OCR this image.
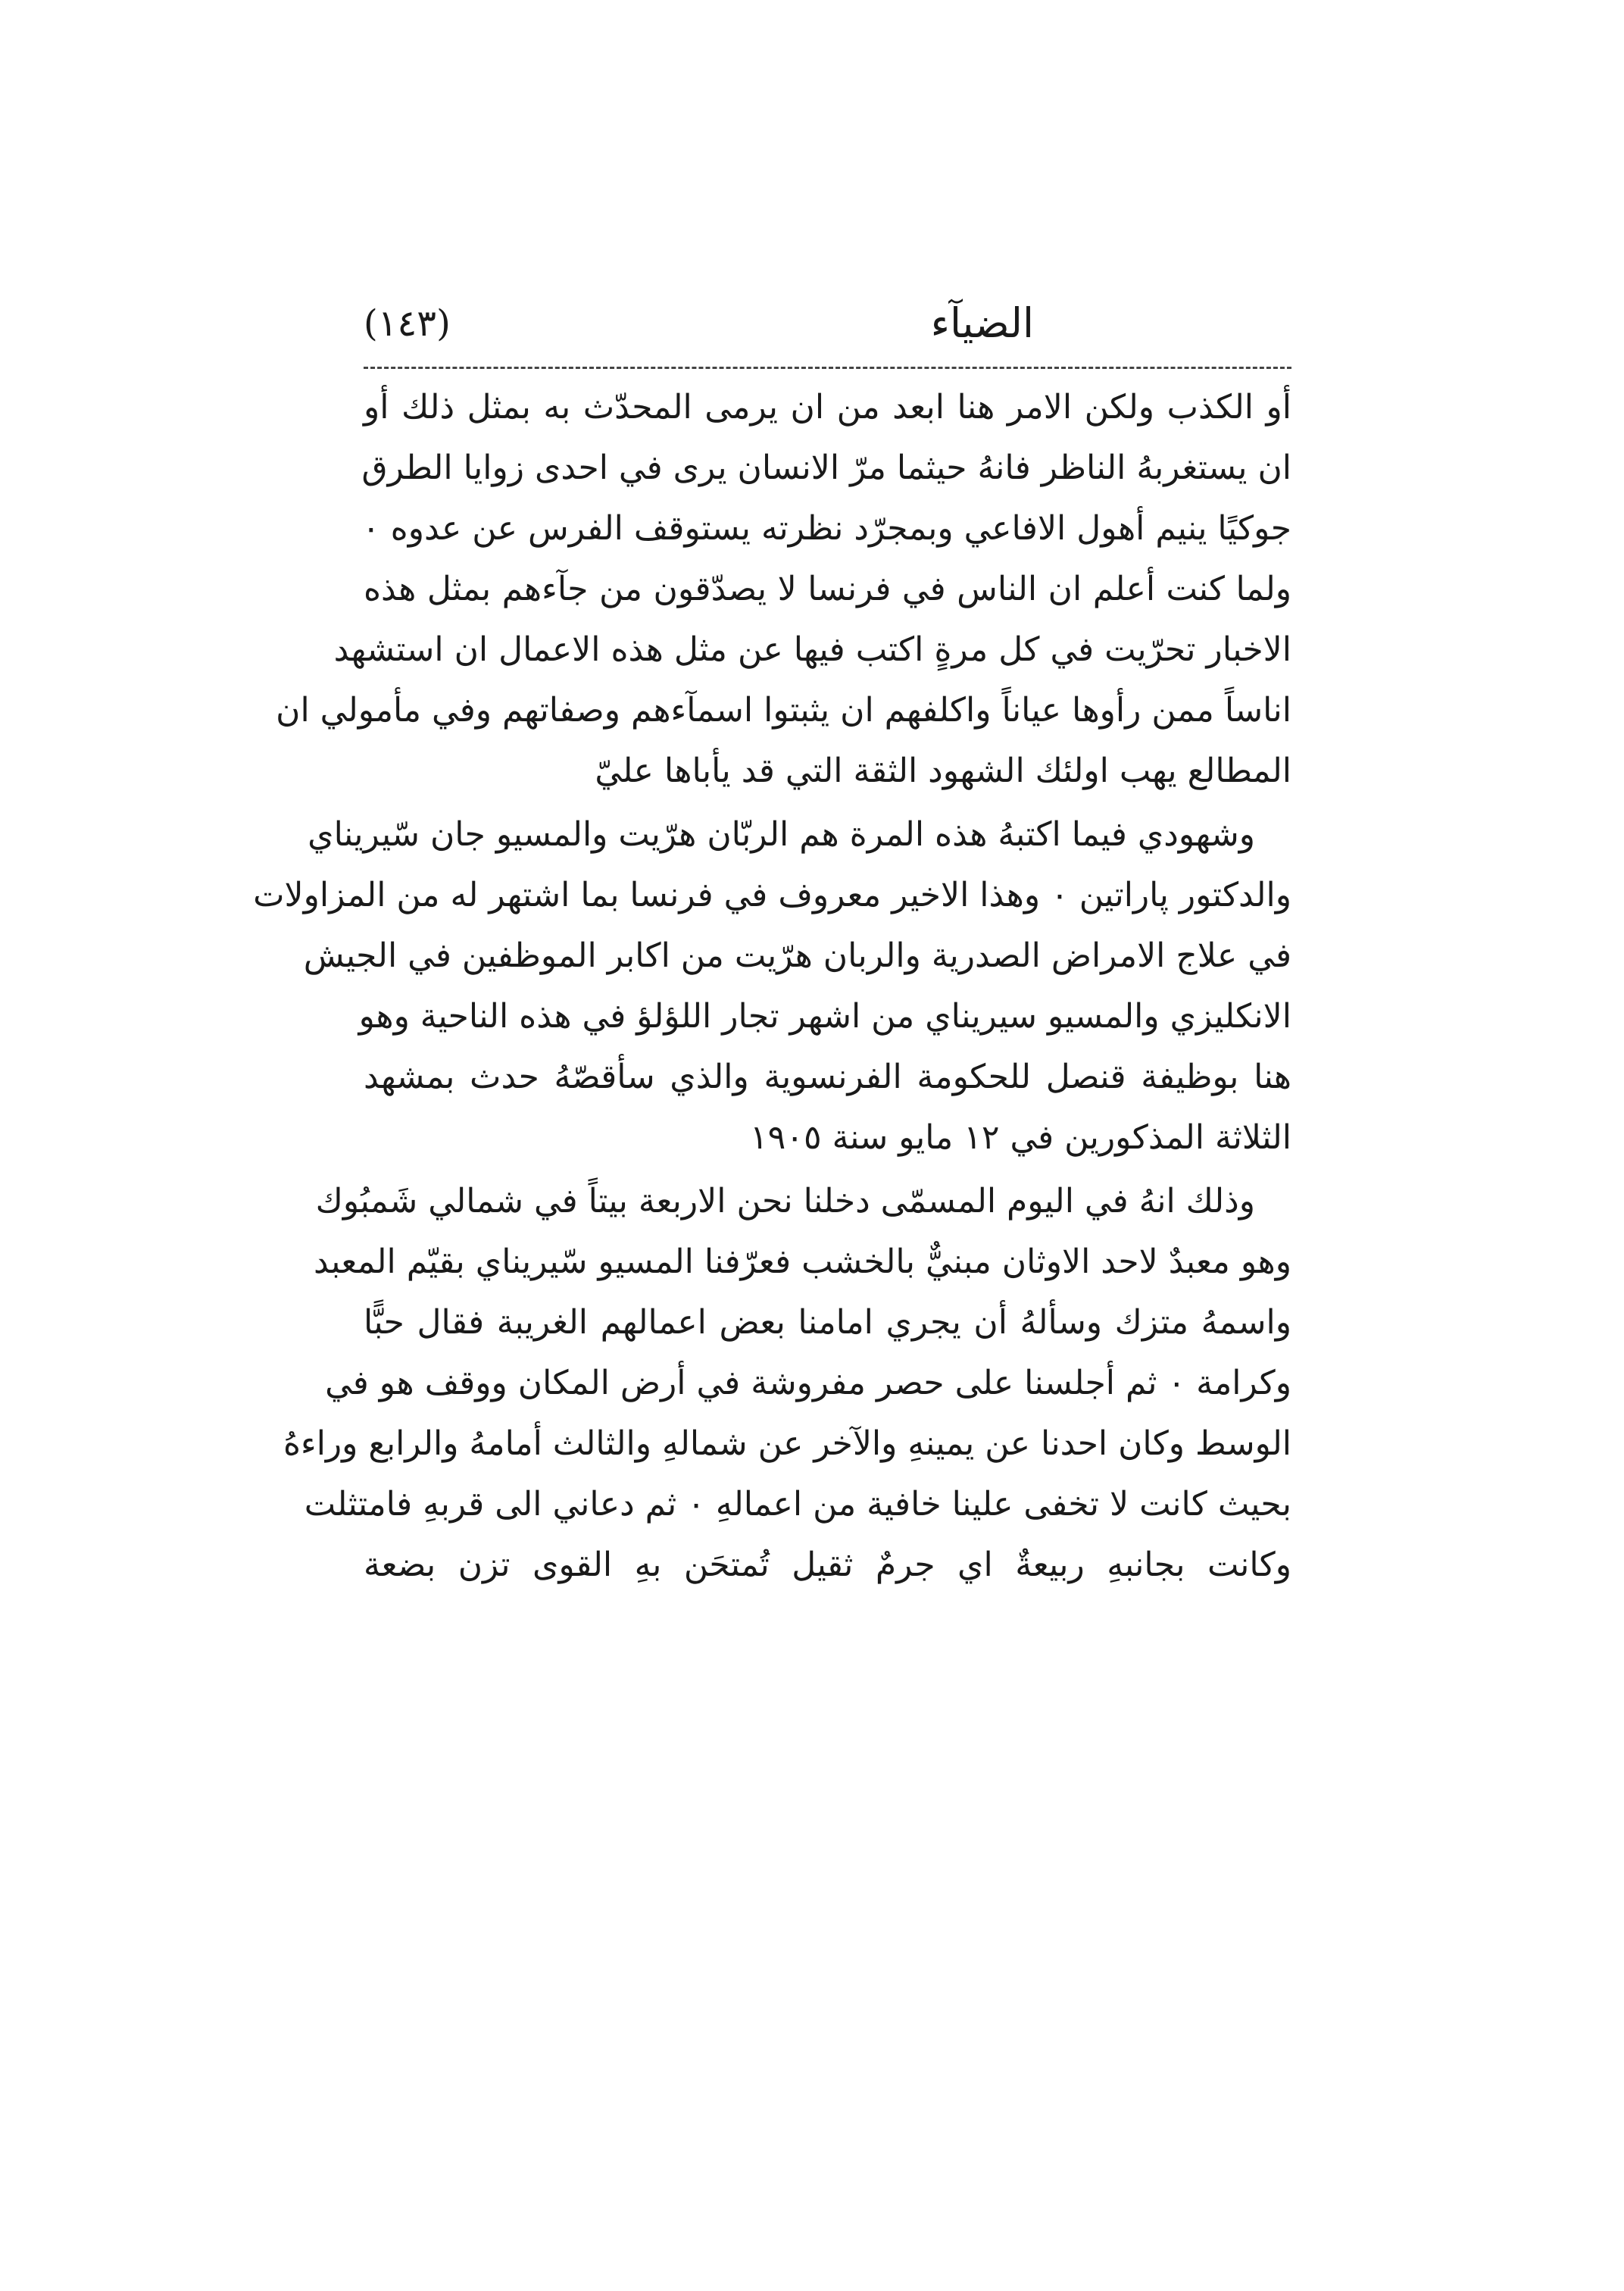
الضيآء
(١٤٣)
أو الكذب ولكن الامر هنا ابعد من ان يرمى المحدّث به بمثل ذلك أو
ان يستغربهُ الناظر فانهُ حيثما مرّ الانسان يرى في احدى زوايا الطرق
جوكيًا ينيم أهول الافاعي وبمجرّد نظرته يستوقف الفرس عن عدوه ٠
ولما كنت أعلم ان الناس في فرنسا لا يصدّقون من جآءهم بمثل هذه
الاخبار تحرّيت في كل مرةٍ اكتب فيها عن مثل هذه الاعمال ان استشهد
اناساً ممن رأوها عياناً واكلفهم ان يثبتوا اسمآءهم وصفاتهم وفي مأمولي ان
المطالع يهب اولئك الشهود الثقة التي قد يأباها عليّ
وشهودي فيما اكتبهُ هذه المرة هم الربّان هرّيت والمسيو جان سّيريناي
والدكتور پاراتين ٠ وهذا الاخير معروف في فرنسا بما اشتهر له من المزاولات
في علاج الامراض الصدرية والربان هرّيت من اكابر الموظفين في الجيش
الانكليزي والمسيو سيريناي من اشهر تجار اللؤلؤ في هذه الناحية وهو
هنا بوظيفة قنصل للحكومة الفرنسوية والذي سأقصّهُ حدث بمشهد
الثلاثة المذكورين في ١٢ مايو سنة ١٩٠٥
وذلك انهُ في اليوم المسمّى دخلنا نحن الاربعة بيتاً في شمالي شَمبُوك
وهو معبدٌ لاحد الاوثان مبنيٌّ بالخشب فعرّفنا المسيو سّيريناي بقيّم المعبد
واسمهُ متزك وسألهُ أن يجري امامنا بعض اعمالهم الغريبة فقال حبًّا
وكرامة ٠ ثم أجلسنا على حصر مفروشة في أرض المكان ووقف هو في
الوسط وكان احدنا عن يمينهِ والآخر عن شمالهِ والثالث أمامهُ والرابع وراءهُ
بحيث كانت لا تخفى علينا خافية من اعمالهِ ٠ ثم دعاني الى قربهِ فامتثلت
وكانت بجانبهِ ربيعةٌ اي جرمٌ ثقيل تُمتحَن بهِ القوى تزن بضعة
